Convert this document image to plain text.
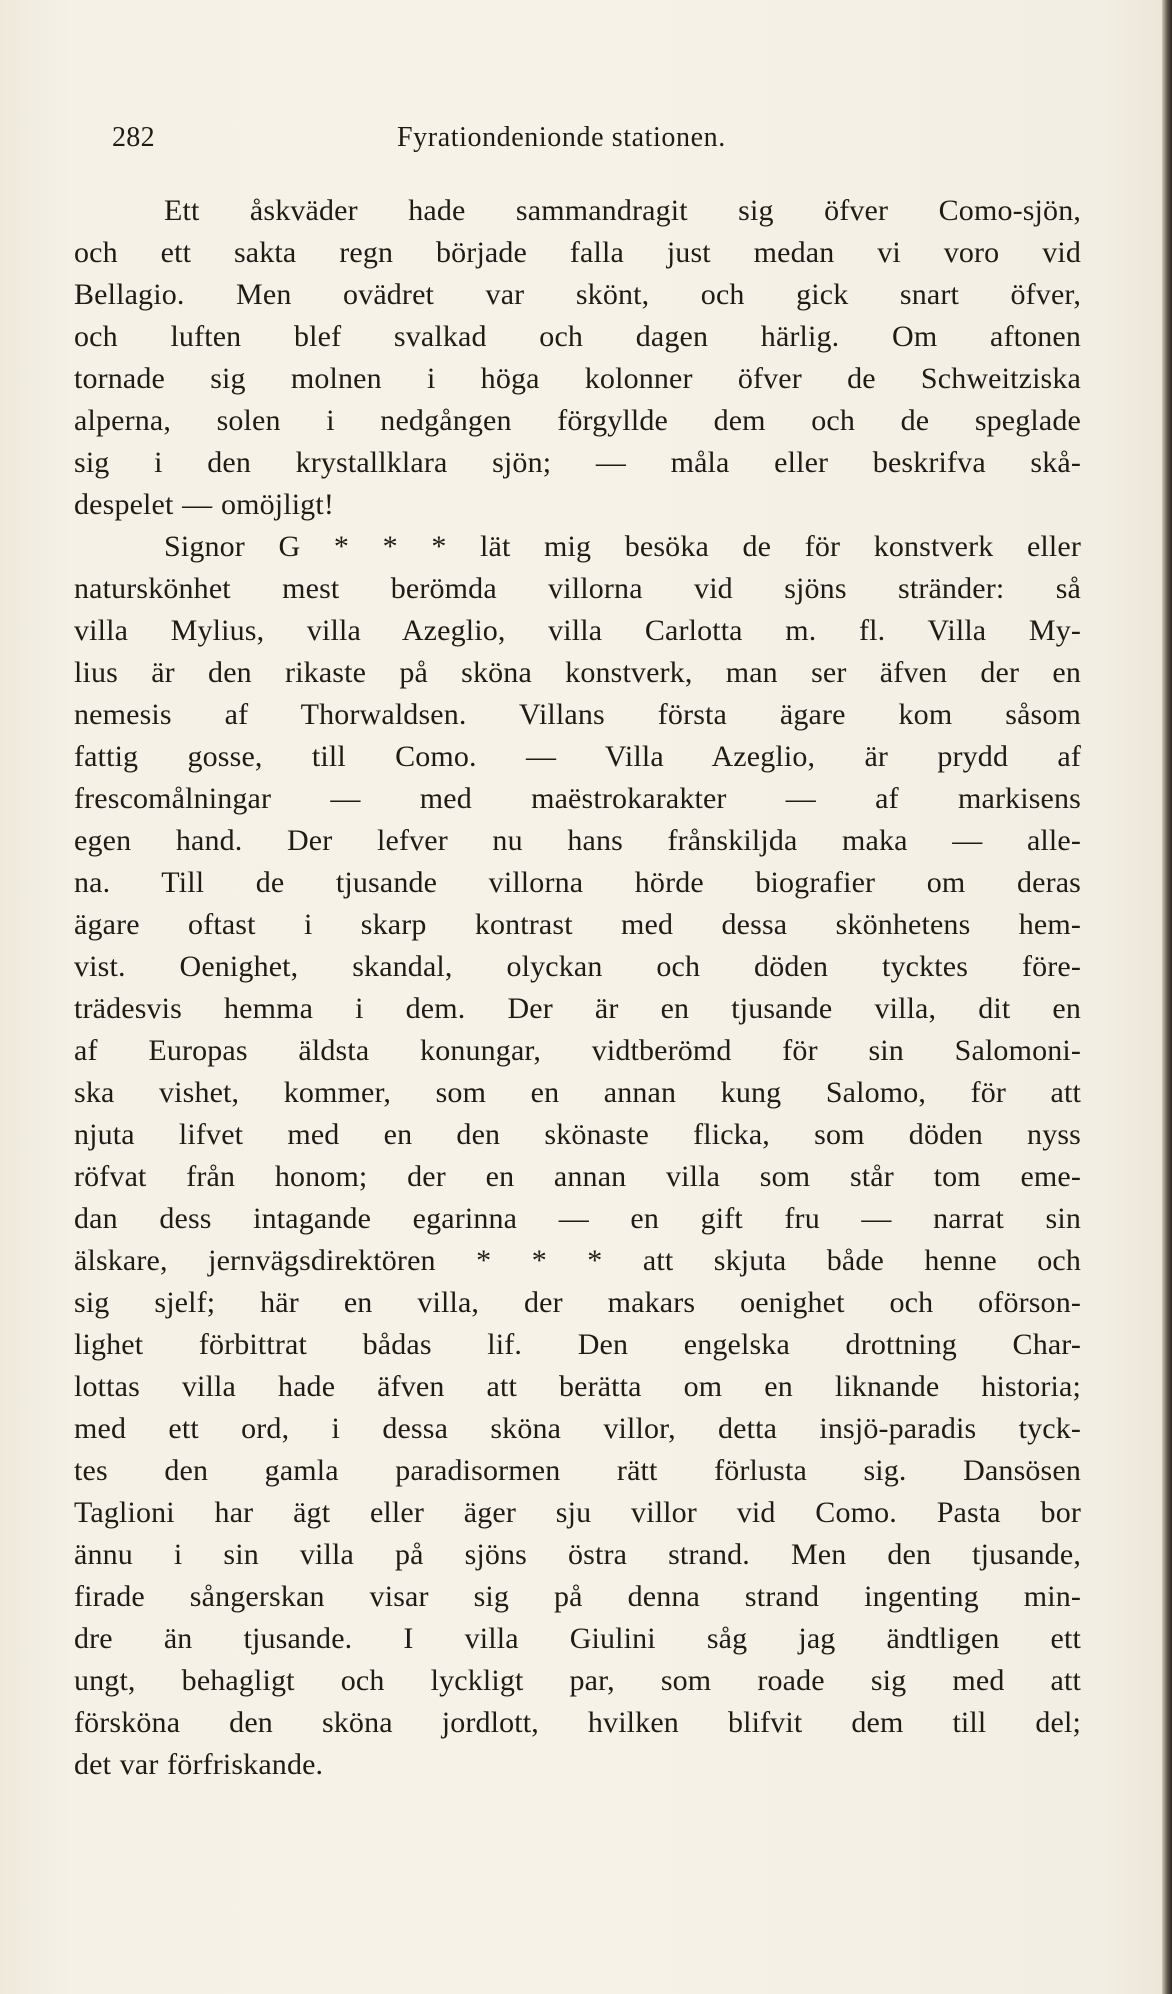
282	Fyrationdenionde stationen.
Ett åskväder hade sammandragit sig öfver Como-sjön,
och ett sakta regn började falla just medan vi voro vid
Bellagio. Men ovädret var skönt, och gick snart öfver,
och luften blef svalkad och dagen härlig. Om aftonen
tornade sig molnen i höga kolonner öfver de Schweitziska
alperna, solen i nedgången förgyllde dem och de speglade
sig i den krystallklara sjön; — måla eller beskrifva skå-
despelet — omöjligt!
Signor G * * * lät mig besöka de för konstverk eller
naturskönhet mest berömda villorna vid sjöns stränder: så
villa Mylius, villa Azeglio, villa Carlotta m. fl. Villa My-
lius är den rikaste på sköna konstverk, man ser äfven der en
nemesis af Thorwaldsen. Villans första ägare kom såsom
fattig gosse, till Como. — Villa Azeglio, är prydd af
frescomålningar — med maëstrokarakter — af markisens
egen hand. Der lefver nu hans frånskiljda maka — alle-
na. Till de tjusande villorna hörde biografier om deras
ägare oftast i skarp kontrast med dessa skönhetens hem-
vist. Oenighet, skandal, olyckan och döden tycktes före-
trädesvis hemma i dem. Der är en tjusande villa, dit en
af Europas äldsta konungar, vidtberömd för sin Salomoni-
ska vishet, kommer, som en annan kung Salomo, för att
njuta lifvet med en den skönaste flicka, som döden nyss
röfvat från honom; der en annan villa som står tom eme-
dan dess intagande egarinna — en gift fru — narrat sin
älskare, jernvägsdirektören * * * att skjuta både henne och
sig sjelf; här en villa, der makars oenighet och oförson-
lighet förbittrat bådas lif. Den engelska drottning Char-
lottas villa hade äfven att berätta om en liknande historia;
med ett ord, i dessa sköna villor, detta insjö-paradis tyck-
tes den gamla paradisormen rätt förlusta sig. Dansösen
Taglioni har ägt eller äger sju villor vid Como. Pasta bor
ännu i sin villa på sjöns östra strand. Men den tjusande,
firade sångerskan visar sig på denna strand ingenting min-
dre än tjusande. I villa Giulini såg jag ändtligen ett
ungt, behagligt och lyckligt par, som roade sig med att
försköna den sköna jordlott, hvilken blifvit dem till del;
det var förfriskande.
